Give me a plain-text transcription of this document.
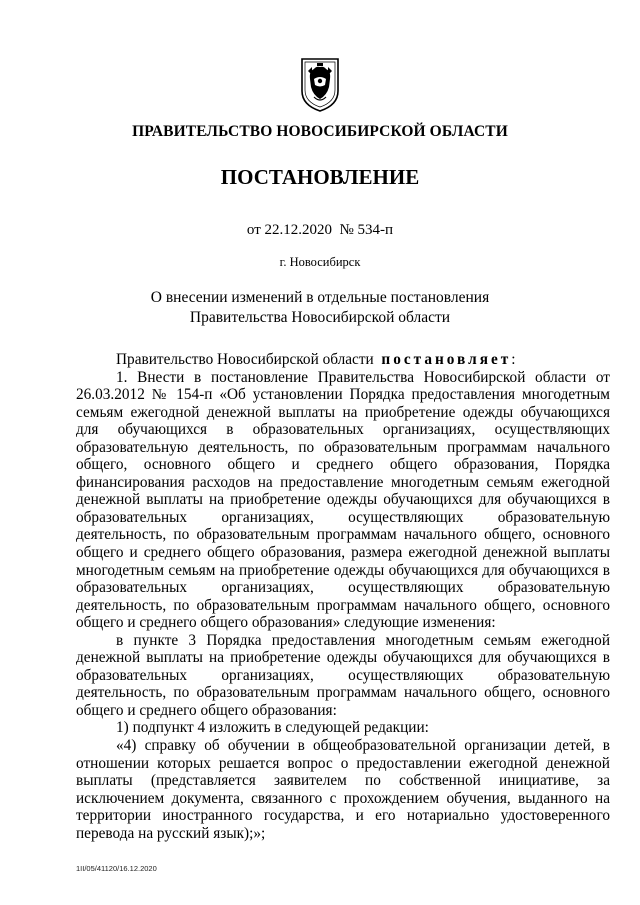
ПРАВИТЕЛЬСТВО НОВОСИБИРСКОЙ ОБЛАСТИ
ПОСТАНОВЛЕНИЕ
от 22.12.2020 № 534-п
г. Новосибирск
О внесении изменений в отдельные постановления
Правительства Новосибирской области

Правительство Новосибирской области постановляет:

1. Внести в постановление Правительства Новосибирской области от 26.03.2012 № 154-п «Об установлении Порядка предоставления многодетным семьям ежегодной денежной выплаты на приобретение одежды обучающихся для обучающихся в образовательных организациях, осуществляющих образовательную деятельность, по образовательным программам начального общего, основного общего и среднего общего образования, Порядка финансирования расходов на предоставление многодетным семьям ежегодной денежной выплаты на приобретение одежды обучающихся для обучающихся в образовательных организациях, осуществляющих образовательную деятельность, по образовательным программам начального общего, основного общего и среднего общего образования, размера ежегодной денежной выплаты многодетным семьям на приобретение одежды обучающихся для обучающихся в образовательных организациях, осуществляющих образовательную деятельность, по образовательным программам начального общего, основного общего и среднего общего образования» следующие изменения:

в пункте 3 Порядка предоставления многодетным семьям ежегодной денежной выплаты на приобретение одежды обучающихся для обучающихся в образовательных организациях, осуществляющих образовательную деятельность, по образовательным программам начального общего, основного общего и среднего общего образования:

1) подпункт 4 изложить в следующей редакции:

«4) справку об обучении в общеобразовательной организации детей, в отношении которых решается вопрос о предоставлении ежегодной денежной выплаты (представляется заявителем по собственной инициативе, за исключением документа, связанного с прохождением обучения, выданного на территории иностранного государства, и его нотариально удостоверенного перевода на русский язык);»;

1II/05/41120/16.12.2020
